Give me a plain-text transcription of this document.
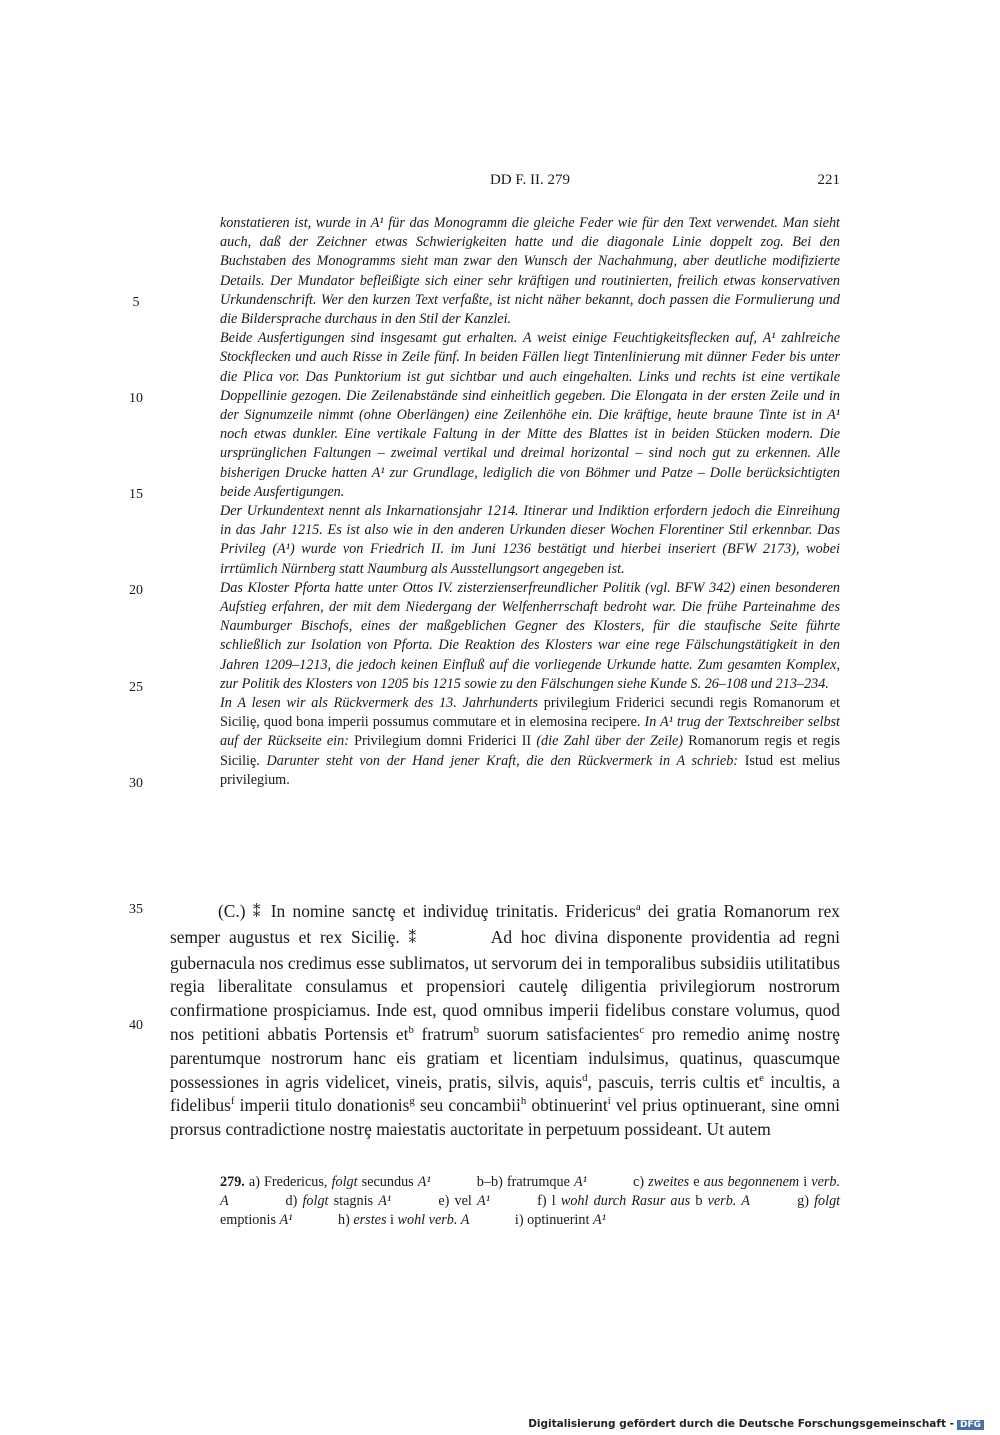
DD F. II. 279	221
5
10
15
20
25
30
35
40

konstatieren ist, wurde in A¹ für das Monogramm die gleiche Feder wie für den Text verwendet. Man sieht auch, daß der Zeichner etwas Schwierigkeiten hatte und die diagonale Linie doppelt zog. Bei den Buchstaben des Monogramms sieht man zwar den Wunsch der Nachahmung, aber deutliche modifizierte Details. Der Mundator befleißigte sich einer sehr kräftigen und routinierten, freilich etwas konservativen Urkundenschrift. Wer den kurzen Text verfaßte, ist nicht näher bekannt, doch passen die Formulierung und die Bildersprache durchaus in den Stil der Kanzlei.

Beide Ausfertigungen sind insgesamt gut erhalten. A weist einige Feuchtigkeitsflecken auf, A¹ zahlreiche Stockflecken und auch Risse in Zeile fünf. In beiden Fällen liegt Tintenlinierung mit dünner Feder bis unter die Plica vor. Das Punktorium ist gut sichtbar und auch eingehalten. Links und rechts ist eine vertikale Doppellinie gezogen. Die Zeilenabstände sind einheitlich gegeben. Die Elongata in der ersten Zeile und in der Signumzeile nimmt (ohne Oberlängen) eine Zeilenhöhe ein. Die kräftige, heute braune Tinte ist in A¹ noch etwas dunkler. Eine vertikale Faltung in der Mitte des Blattes ist in beiden Stücken modern. Die ursprünglichen Faltungen – zweimal vertikal und dreimal horizontal – sind noch gut zu erkennen. Alle bisherigen Drucke hatten A¹ zur Grundlage, lediglich die von Böhmer und Patze – Dolle berücksichtigten beide Ausfertigungen.

Der Urkundentext nennt als Inkarnationsjahr 1214. Itinerar und Indiktion erfordern jedoch die Einreihung in das Jahr 1215. Es ist also wie in den anderen Urkunden dieser Wochen Florentiner Stil erkennbar. Das Privileg (A¹) wurde von Friedrich II. im Juni 1236 bestätigt und hierbei inseriert (BFW 2173), wobei irrtümlich Nürnberg statt Naumburg als Ausstellungsort angegeben ist.

Das Kloster Pforta hatte unter Ottos IV. zisterzienserfreundlicher Politik (vgl. BFW 342) einen besonderen Aufstieg erfahren, der mit dem Niedergang der Welfenherrschaft bedroht war. Die frühe Parteinahme des Naumburger Bischofs, eines der maßgeblichen Gegner des Klosters, für die staufische Seite führte schließlich zur Isolation von Pforta. Die Reaktion des Klosters war eine rege Fälschungstätigkeit in den Jahren 1209–1213, die jedoch keinen Einfluß auf die vorliegende Urkunde hatte. Zum gesamten Komplex, zur Politik des Klosters von 1205 bis 1215 sowie zu den Fälschungen siehe Kunde S. 26–108 und 213–234.

In A lesen wir als Rückvermerk des 13. Jahrhunderts privilegium Friderici secundi regis Romanorum et Siciliȩ, quod bona imperii possumus commutare et in elemosina recipere. In A¹ trug der Textschreiber selbst auf der Rückseite ein: Privilegium domni Friderici II (die Zahl über der Zeile) Romanorum regis et regis Siciliȩ. Darunter steht von der Hand jener Kraft, die den Rückvermerk in A schrieb: Istud est melius privilegium.

(C.) ⁑ In nomine sanctȩ et individuȩ trinitatis. Fridericus$^a$ dei gratia Romanorum rex semper augustus et rex Siciliȩ. ⁑	Ad hoc divina disponente providentia ad regni gubernacula nos credimus esse sublimatos, ut servorum dei in temporalibus subsidiis utilitatibus regia liberalitate consulamus et propensiori cautelȩ diligentia privilegiorum nostrorum confirmatione prospiciamus. Inde est, quod omnibus imperii fidelibus constare volumus, quod nos petitioni abbatis Portensis $et^b$ fratrum$^b$ suorum satisfacientes$^c$ pro remedio animȩ nostrȩ parentumque nostrorum hanc eis gratiam et licentiam indulsimus, quatinus, quascumque possessiones in agris videlicet, vineis, pratis, silvis, aquis$^d$, pascuis, terris cultis $et^e$ incultis, a fidelibus$^f$ imperii titulo donationis$^g$ seu concambii$^h$ obtinuerint$^i$ vel prius optinuerant, sine omni prorsus contradictione nostrȩ maiestatis auctoritate in perpetuum possideant. Ut autem

279. a) Fredericus, folgt secundus A¹	b–b) fratrumque A¹	c) zweites e aus begonnenem i verb. A	d) folgt stagnis A¹	e) vel A¹	f) l wohl durch Rasur aus b verb. A	g) folgt emptionis A¹	h) erstes i wohl verb. A	i) optinuerint A¹
Digitalisierung gefördert durch die Deutsche Forschungsgemeinschaft - DFG
